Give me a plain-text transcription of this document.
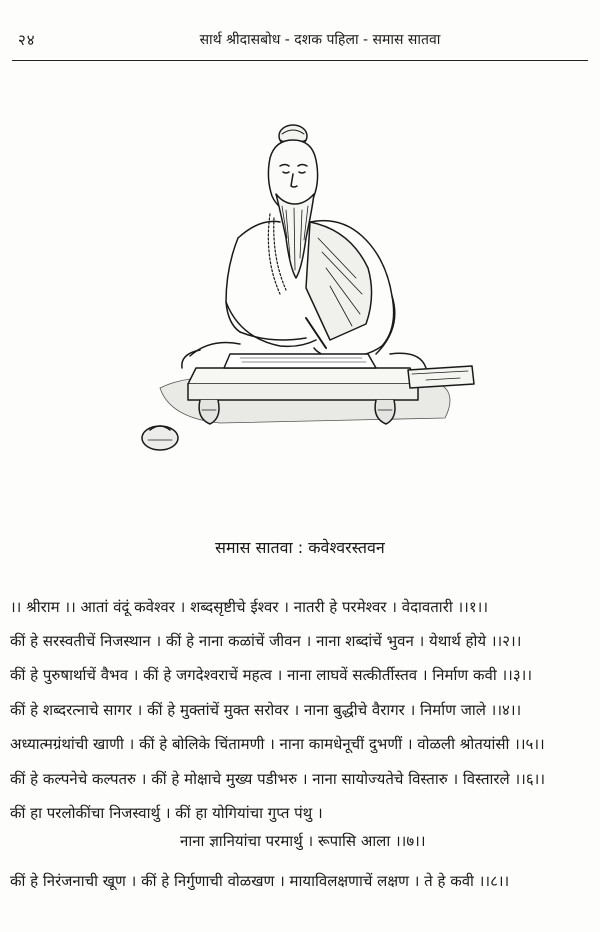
२४	सार्थ श्रीदासबोध - दशक पहिला - समास सातवा
समास सातवा : कवेश्वरस्तवन
।। श्रीराम ।। आतां वंदूं कवेश्वर । शब्दसृष्टीचे ईश्वर । नातरी हे परमेश्वर । वेदावतारी ।।१।।
कीं हे सरस्वतीचें निजस्थान । कीं हे नाना कळांचें जीवन । नाना शब्दांचें भुवन । येथार्थ होये ।।२।।
कीं हे पुरुषार्थाचें वैभव । कीं हे जगदेश्वराचें महत्व । नाना लाघवें सत्कीर्तीस्तव । निर्माण कवी ।।३।।
कीं हे शब्दरत्नाचे सागर । कीं हे मुक्तांचें मुक्त सरोवर । नाना बुद्धीचे वैरागर । निर्माण जाले ।।४।।
अध्यात्मग्रंथांची खाणी । कीं हे बोलिके चिंतामणी । नाना कामधेनूचीं दुभणीं । वोळली श्रोतयांसी ।।५।।
कीं हे कल्पनेचे कल्पतरु । कीं हे मोक्षाचे मुख्य पडीभरु । नाना सायोज्यतेचे विस्तारु । विस्तारले ।।६।।
कीं हा परलोकींचा निजस्वार्थु । कीं हा योगियांचा गुप्त पंथु ।
नाना ज्ञानियांचा परमार्थु । रूपासि आला ।।७।।
कीं हे निरंजनाची खूण । कीं हे निर्गुणाची वोळखण । मायाविलक्षणाचें लक्षण । ते हे कवी ।।८।।
